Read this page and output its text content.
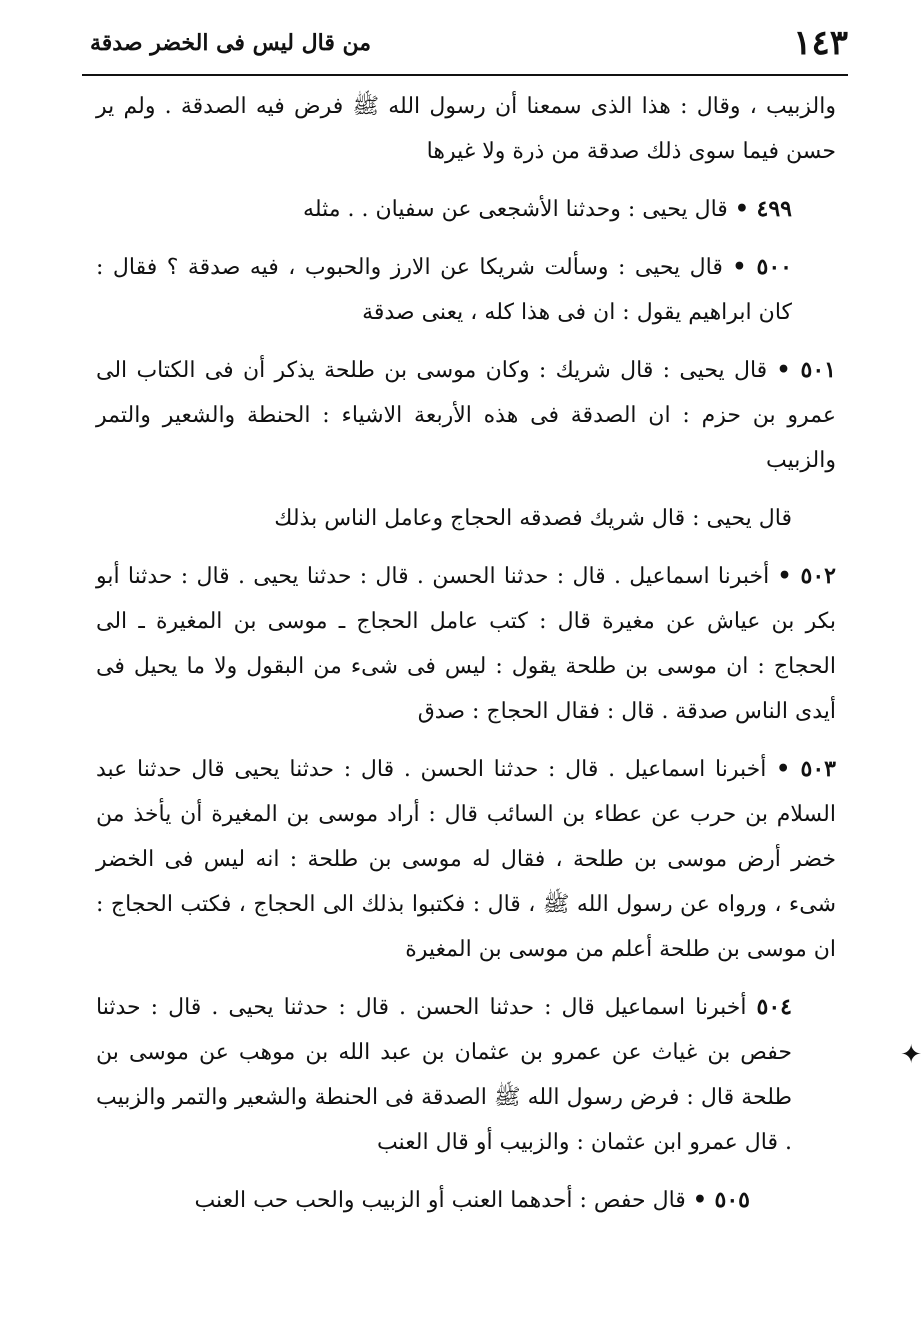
من قال ليس فى الخضر صدقة	١٤٣

والزبيب ، وقال : هذا الذى سمعنا أن رسول الله ﷺ فرض فيه الصدقة . ولم ير حسن فيما سوى ذلك صدقة من ذرة ولا غيرها

٤٩٩ • قال يحيى : وحدثنا الأشجعى عن سفيان . . مثله

٥٠٠ • قال يحيى : وسألت شريكا عن الارز والحبوب ، فيه صدقة ؟ فقال : كان ابراهيم يقول : ان فى هذا كله ، يعنى صدقة

٥٠١ • قال يحيى : قال شريك : وكان موسى بن طلحة يذكر أن فى الكتاب الى عمرو بن حزم : ان الصدقة فى هذه الأربعة الاشياء : الحنطة والشعير والتمر والزبيب

قال يحيى : قال شريك فصدقه الحجاج وعامل الناس بذلك

٥٠٢ • أخبرنا اسماعيل . قال : حدثنا الحسن . قال : حدثنا يحيى . قال : حدثنا أبو بكر بن عياش عن مغيرة قال : كتب عامل الحجاج ـ موسى بن المغيرة ـ الى الحجاج : ان موسى بن طلحة يقول : ليس فى شىء من البقول ولا ما يحيل فى أيدى الناس صدقة . قال : فقال الحجاج : صدق

٥٠٣ • أخبرنا اسماعيل . قال : حدثنا الحسن . قال : حدثنا يحيى قال حدثنا عبد السلام بن حرب عن عطاء بن السائب قال : أراد موسى بن المغيرة أن يأخذ من خضر أرض موسى بن طلحة ، فقال له موسى بن طلحة : انه ليس فى الخضر شىء ، ورواه عن رسول الله ﷺ ، قال : فكتبوا بذلك الى الحجاج ، فكتب الحجاج : ان موسى بن طلحة أعلم من موسى بن المغيرة

٥٠٤ أخبرنا اسماعيل قال : حدثنا الحسن . قال : حدثنا يحيى . قال : حدثنا حفص بن غياث عن عمرو بن عثمان بن عبد الله بن موهب عن موسى بن طلحة قال : فرض رسول الله ﷺ الصدقة فى الحنطة والشعير والتمر والزبيب . قال عمرو ابن عثمان : والزبيب أو قال العنب

٥٠٥ • قال حفص : أحدهما العنب أو الزبيب والحب حب العنب

✦
